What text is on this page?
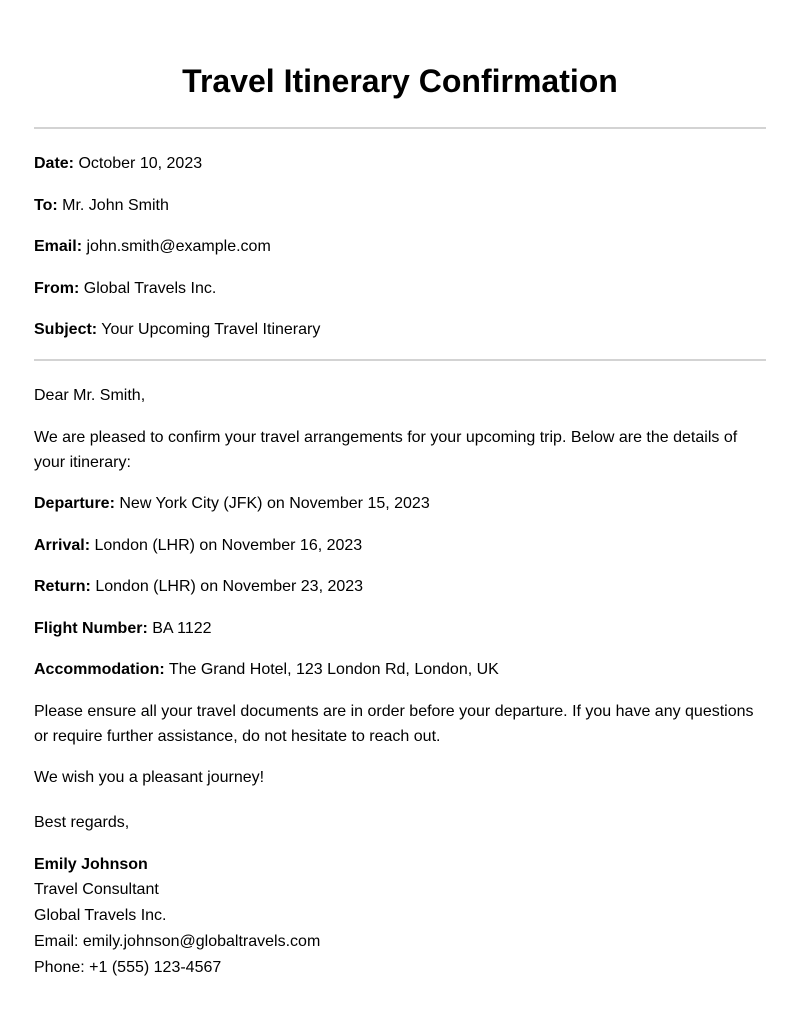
Travel Itinerary Confirmation

Date: October 10, 2023

To: Mr. John Smith

Email: john.smith@example.com

From: Global Travels Inc.

Subject: Your Upcoming Travel Itinerary

Dear Mr. Smith,

We are pleased to confirm your travel arrangements for your upcoming trip. Below are the details of your itinerary:

Departure: New York City (JFK) on November 15, 2023

Arrival: London (LHR) on November 16, 2023

Return: London (LHR) on November 23, 2023

Flight Number: BA 1122

Accommodation: The Grand Hotel, 123 London Rd, London, UK

Please ensure all your travel documents are in order before your departure. If you have any questions or require further assistance, do not hesitate to reach out.

We wish you a pleasant journey!

Best regards,

Emily Johnson
Travel Consultant
Global Travels Inc.
Email: emily.johnson@globaltravels.com
Phone: +1 (555) 123-4567
